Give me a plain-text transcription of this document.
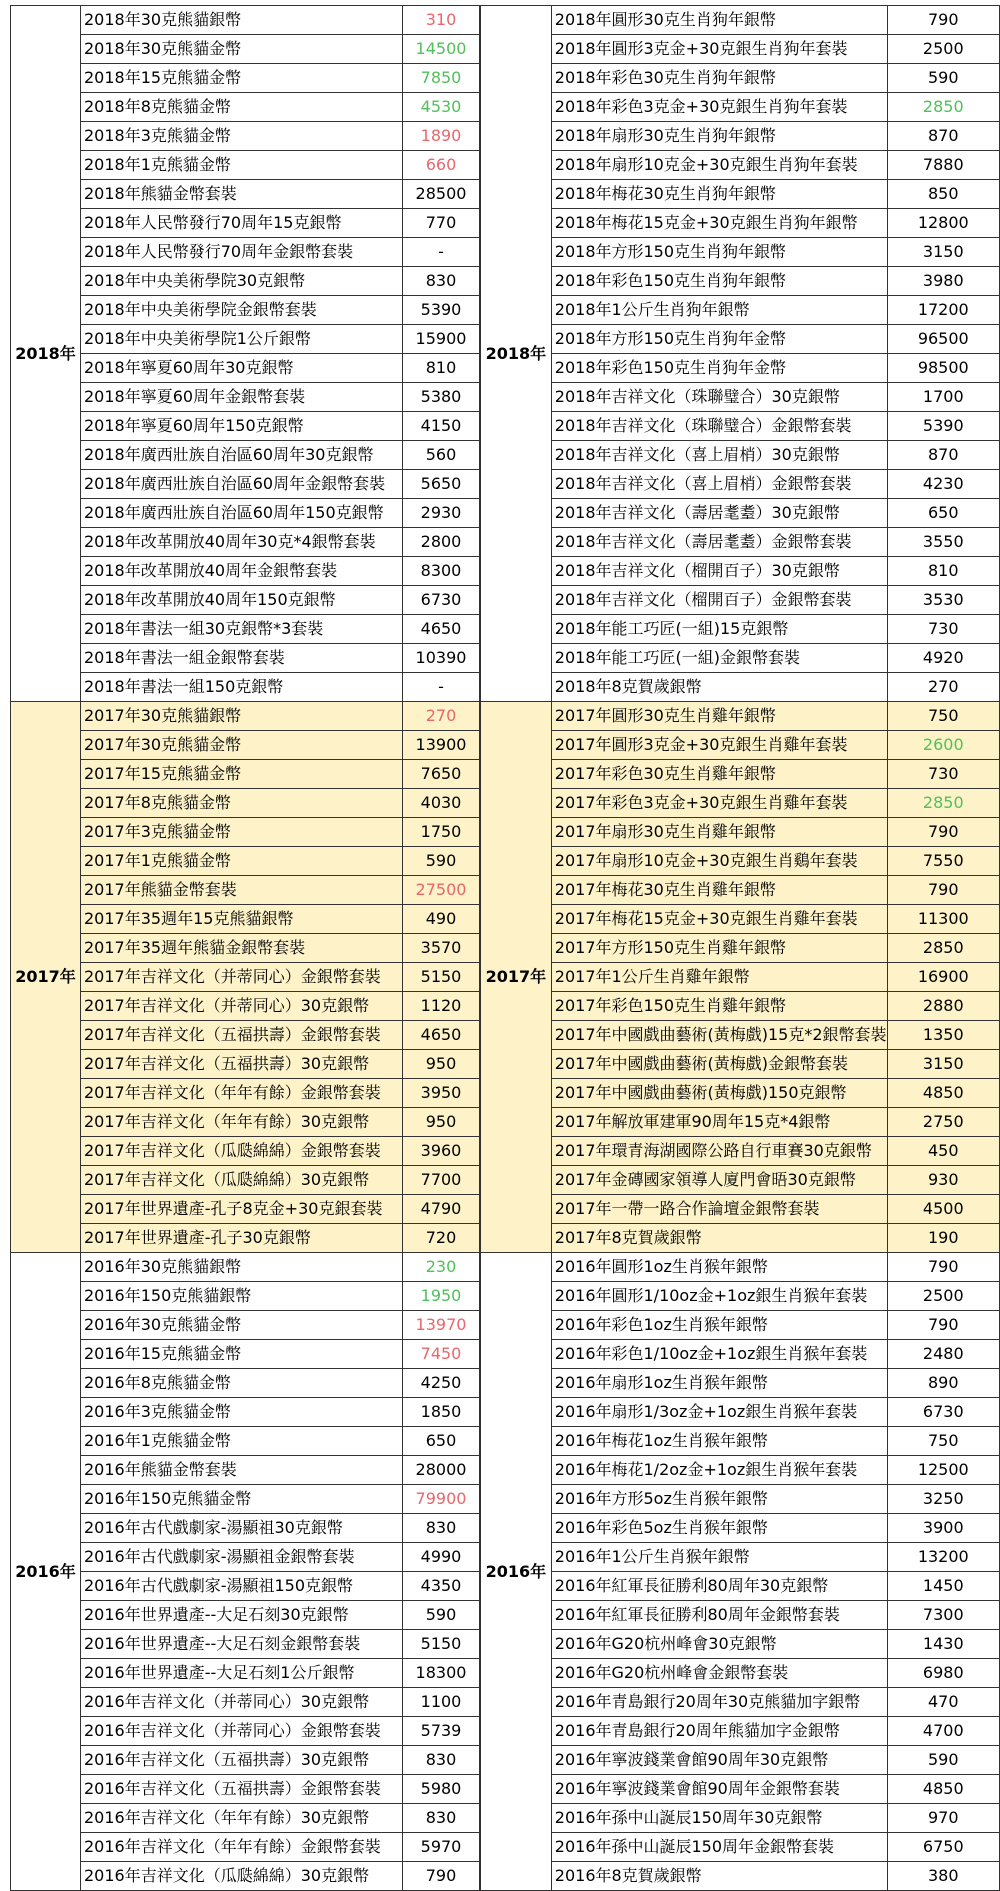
2018年	2018年30克熊貓銀幣	310
	2018年30克熊貓金幣	14500
	2018年15克熊貓金幣	7850
	2018年8克熊貓金幣	4530
	2018年3克熊貓金幣	1890
	2018年1克熊貓金幣	660
	2018年熊貓金幣套裝	28500
	2018年人民幣發行70周年15克銀幣	770
	2018年人民幣發行70周年金銀幣套裝	-
	2018年中央美術學院30克銀幣	830
	2018年中央美術學院金銀幣套裝	5390
	2018年中央美術學院1公斤銀幣	15900
	2018年寧夏60周年30克銀幣	810
	2018年寧夏60周年金銀幣套裝	5380
	2018年寧夏60周年150克銀幣	4150
	2018年廣西壯族自治區60周年30克銀幣	560
	2018年廣西壯族自治區60周年金銀幣套裝	5650
	2018年廣西壯族自治區60周年150克銀幣	2930
	2018年改革開放40周年30克*4銀幣套裝	2800
	2018年改革開放40周年金銀幣套裝	8300
	2018年改革開放40周年150克銀幣	6730
	2018年書法一組30克銀幣*3套裝	4650
	2018年書法一組金銀幣套裝	10390
	2018年書法一組150克銀幣	-
2017年	2017年30克熊貓銀幣	270
	2017年30克熊貓金幣	13900
	2017年15克熊貓金幣	7650
	2017年8克熊貓金幣	4030
	2017年3克熊貓金幣	1750
	2017年1克熊貓金幣	590
	2017年熊貓金幣套裝	27500
	2017年35週年15克熊貓銀幣	490
	2017年35週年熊貓金銀幣套裝	3570
	2017年吉祥文化（并蒂同心）金銀幣套裝	5150
	2017年吉祥文化（并蒂同心）30克銀幣	1120
	2017年吉祥文化（五福拱壽）金銀幣套裝	4650
	2017年吉祥文化（五福拱壽）30克銀幣	950
	2017年吉祥文化（年年有餘）金銀幣套裝	3950
	2017年吉祥文化（年年有餘）30克銀幣	950
	2017年吉祥文化（瓜瓞綿綿）金銀幣套裝	3960
	2017年吉祥文化（瓜瓞綿綿）30克銀幣	7700
	2017年世界遺產-孔子8克金+30克銀套裝	4790
	2017年世界遺產-孔子30克銀幣	720
2016年	2016年30克熊貓銀幣	230
	2016年150克熊貓銀幣	1950
	2016年30克熊貓金幣	13970
	2016年15克熊貓金幣	7450
	2016年8克熊貓金幣	4250
	2016年3克熊貓金幣	1850
	2016年1克熊貓金幣	650
	2016年熊貓金幣套裝	28000
	2016年150克熊貓金幣	79900
	2016年古代戲劇家-湯顯祖30克銀幣	830
	2016年古代戲劇家-湯顯祖金銀幣套裝	4990
	2016年古代戲劇家-湯顯祖150克銀幣	4350
	2016年世界遺產--大足石刻30克銀幣	590
	2016年世界遺產--大足石刻金銀幣套裝	5150
	2016年世界遺產--大足石刻1公斤銀幣	18300
	2016年吉祥文化（并蒂同心）30克銀幣	1100
	2016年吉祥文化（并蒂同心）金銀幣套裝	5739
	2016年吉祥文化（五福拱壽）30克銀幣	830
	2016年吉祥文化（五福拱壽）金銀幣套裝	5980
	2016年吉祥文化（年年有餘）30克銀幣	830
	2016年吉祥文化（年年有餘）金銀幣套裝	5970
	2016年吉祥文化（瓜瓞綿綿）30克銀幣	790
2018年	2018年圓形30克生肖狗年銀幣	790
	2018年圓形3克金+30克銀生肖狗年套裝	2500
	2018年彩色30克生肖狗年銀幣	590
	2018年彩色3克金+30克銀生肖狗年套裝	2850
	2018年扇形30克生肖狗年銀幣	870
	2018年扇形10克金+30克銀生肖狗年套裝	7880
	2018年梅花30克生肖狗年銀幣	850
	2018年梅花15克金+30克銀生肖狗年銀幣	12800
	2018年方形150克生肖狗年銀幣	3150
	2018年彩色150克生肖狗年銀幣	3980
	2018年1公斤生肖狗年銀幣	17200
	2018年方形150克生肖狗年金幣	96500
	2018年彩色150克生肖狗年金幣	98500
	2018年吉祥文化（珠聯璧合）30克銀幣	1700
	2018年吉祥文化（珠聯璧合）金銀幣套裝	5390
	2018年吉祥文化（喜上眉梢）30克銀幣	870
	2018年吉祥文化（喜上眉梢）金銀幣套裝	4230
	2018年吉祥文化（壽居耄耋）30克銀幣	650
	2018年吉祥文化（壽居耄耋）金銀幣套裝	3550
	2018年吉祥文化（榴開百子）30克銀幣	810
	2018年吉祥文化（榴開百子）金銀幣套裝	3530
	2018年能工巧匠(一組)15克銀幣	730
	2018年能工巧匠(一組)金銀幣套裝	4920
	2018年8克賀歲銀幣	270
2017年	2017年圓形30克生肖雞年銀幣	750
	2017年圓形3克金+30克銀生肖雞年套裝	2600
	2017年彩色30克生肖雞年銀幣	730
	2017年彩色3克金+30克銀生肖雞年套裝	2850
	2017年扇形30克生肖雞年銀幣	790
	2017年扇形10克金+30克銀生肖鷄年套裝	7550
	2017年梅花30克生肖雞年銀幣	790
	2017年梅花15克金+30克銀生肖雞年套裝	11300
	2017年方形150克生肖雞年銀幣	2850
	2017年1公斤生肖雞年銀幣	16900
	2017年彩色150克生肖雞年銀幣	2880
	2017年中國戲曲藝術(黃梅戲)15克*2銀幣套裝	1350
	2017年中國戲曲藝術(黃梅戲)金銀幣套裝	3150
	2017年中國戲曲藝術(黃梅戲)150克銀幣	4850
	2017年解放軍建軍90周年15克*4銀幣	2750
	2017年環青海湖國際公路自行車賽30克銀幣	450
	2017年金磚國家領導人廈門會晤30克銀幣	930
	2017年一帶一路合作論壇金銀幣套裝	4500
	2017年8克賀歲銀幣	190
2016年	2016年圓形1oz生肖猴年銀幣	790
	2016年圓形1/10oz金+1oz銀生肖猴年套裝	2500
	2016年彩色1oz生肖猴年銀幣	790
	2016年彩色1/10oz金+1oz銀生肖猴年套裝	2480
	2016年扇形1oz生肖猴年銀幣	890
	2016年扇形1/3oz金+1oz銀生肖猴年套裝	6730
	2016年梅花1oz生肖猴年銀幣	750
	2016年梅花1/2oz金+1oz銀生肖猴年套裝	12500
	2016年方形5oz生肖猴年銀幣	3250
	2016年彩色5oz生肖猴年銀幣	3900
	2016年1公斤生肖猴年銀幣	13200
	2016年紅軍長征勝利80周年30克銀幣	1450
	2016年紅軍長征勝利80周年金銀幣套裝	7300
	2016年G20杭州峰會30克銀幣	1430
	2016年G20杭州峰會金銀幣套裝	6980
	2016年青島銀行20周年30克熊貓加字銀幣	470
	2016年青島銀行20周年熊貓加字金銀幣	4700
	2016年寧波錢業會館90周年30克銀幣	590
	2016年寧波錢業會館90周年金銀幣套裝	4850
	2016年孫中山誕辰150周年30克銀幣	970
	2016年孫中山誕辰150周年金銀幣套裝	6750
	2016年8克賀歲銀幣	380
